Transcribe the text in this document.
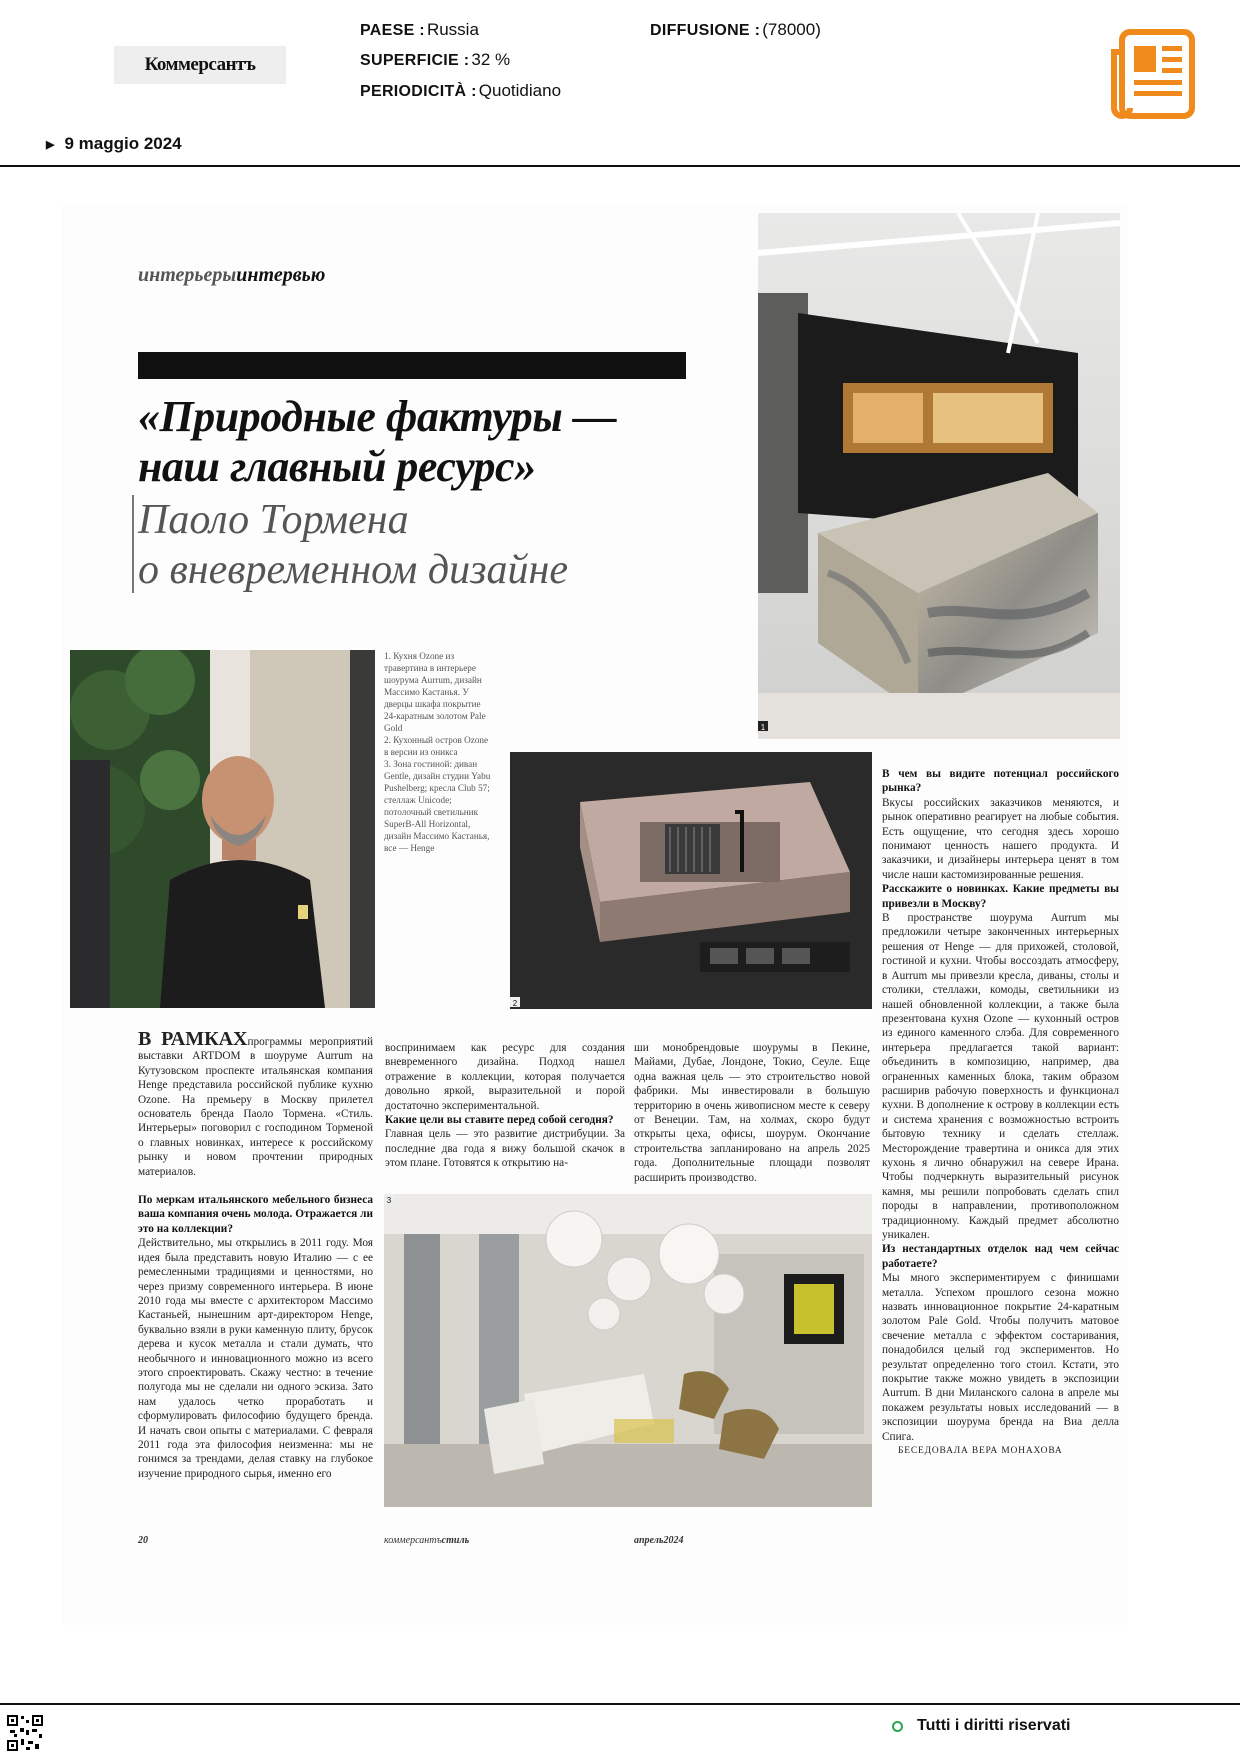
Коммерсантъ
PAESE : Russia
SUPERFICIE : 32 %
PERIODICITÀ : Quotidiano
DIFFUSIONE : (78000)
▶ 9 maggio 2024
интерьерыинтервью
«Природные фактуры —
наш главный ресурс»
Паоло Тормена
о вневременном дизайне
1
1. Кухня Ozone из травертина в интерьере шоурума Aurrum, дизайн Массимо Кастанья. У дверцы шкафа покрытие 24-каратным золотом Pale Gold
2. Кухонный остров Ozone в версии из оникса
3. Зона гостиной: диван Gentle, дизайн студии Yabu Pushelberg; кресла Club 57; стеллаж Unicode; потолочный светильник SuperB-All Horizontal, дизайн Массимо Кастанья, все — Henge
2

В РАМКАХпрограммы мероприятий выставки ARTDOM в шоуруме Aurrum на Кутузовском проспекте итальянская компания Henge представила российской публике кухню Ozone. На премьеру в Москву прилетел основатель бренда Паоло Тормена. «Стиль. Интерьеры» поговорил с господином Торменой о главных новинках, интересе к российскому рынку и новом прочтении природных материалов.

По меркам итальянского мебельного бизнеса ваша компания очень молода. Отражается ли это на коллекции?

Действительно, мы открылись в 2011 году. Моя идея была представить новую Италию — с ее ремесленными традициями и ценностями, но через призму современного интерьера. В июне 2010 года мы вместе с архитектором Массимо Кастаньей, нынешним арт-директором Henge, буквально взяли в руки каменную плиту, брусок дерева и кусок металла и стали думать, что необычного и инновационного можно из всего этого спроектировать. Скажу честно: в течение полугода мы не сделали ни одного эскиза. Зато нам удалось четко проработать и сформулировать философию будущего бренда. И начать свои опыты с материалами. С февраля 2011 года эта философия неизменна: мы не гонимся за трендами, делая ставку на глубокое изучение природного сырья, именно его

воспринимаем как ресурс для создания вневременного дизайна. Подход нашел отражение в коллекции, которая получается довольно яркой, выразительной и порой достаточно экспериментальной.

Какие цели вы ставите перед собой сегодня?

Главная цель — это развитие дистрибуции. За последние два года я вижу большой скачок в этом плане. Готовятся к открытию на-

ши монобрендовые шоурумы в Пекине, Майами, Дубае, Лондоне, Токио, Сеуле. Еще одна важная цель — это строительство новой фабрики. Мы инвестировали в большую территорию в очень живописном месте к северу от Венеции. Там, на холмах, скоро будут открыты цеха, офисы, шоурум. Окончание строительства запланировано на апрель 2025 года. Дополнительные площади позволят расширить производство.

3

В чем вы видите потенциал российского рынка?

Вкусы российских заказчиков меняются, и рынок оперативно реагирует на любые события. Есть ощущение, что сегодня здесь хорошо понимают ценность нашего продукта. И заказчики, и дизайнеры интерьера ценят в том числе наши кастомизированные решения.

Расскажите о новинках. Какие предметы вы привезли в Москву?

В пространстве шоурума Aurrum мы предложили четыре законченных интерьерных решения от Henge — для прихожей, столовой, гостиной и кухни. Чтобы воссоздать атмосферу, в Aurrum мы привезли кресла, диваны, столы и столики, стеллажи, комоды, светильники из нашей обновленной коллекции, а также была презентована кухня Ozone — кухонный остров из единого каменного слэба. Для современного интерьера предлагается такой вариант: объединить в композицию, например, два ограненных каменных блока, таким образом расширив рабочую поверхность и функционал кухни. В дополнение к острову в коллекции есть и система хранения с возможностью встроить бытовую технику и сделать стеллаж. Месторождение травертина и оникса для этих кухонь я лично обнаружил на севере Ирана. Чтобы подчеркнуть выразительный рисунок камня, мы решили попробовать сделать спил породы в направлении, противоположном традиционному. Каждый предмет абсолютно уникален.

Из нестандартных отделок над чем сейчас работаете?

Мы много экспериментируем с финишами металла. Успехом прошлого сезона можно назвать инновационное покрытие 24-каратным золотом Pale Gold. Чтобы получить матовое свечение металла с эффектом состаривания, понадобился целый год экспериментов. Но результат определенно того стоил. Кстати, это покрытие также можно увидеть в экспозиции Aurrum. В дни Миланского салона в апреле мы покажем результаты новых исследований — в экспозиции шоурума бренда на Виа делла Спига.

БЕСЕДОВАЛА ВЕРА МОНАХОВА

20	коммерсантъстиль	апрель2024
Tutti i diritti riservati
